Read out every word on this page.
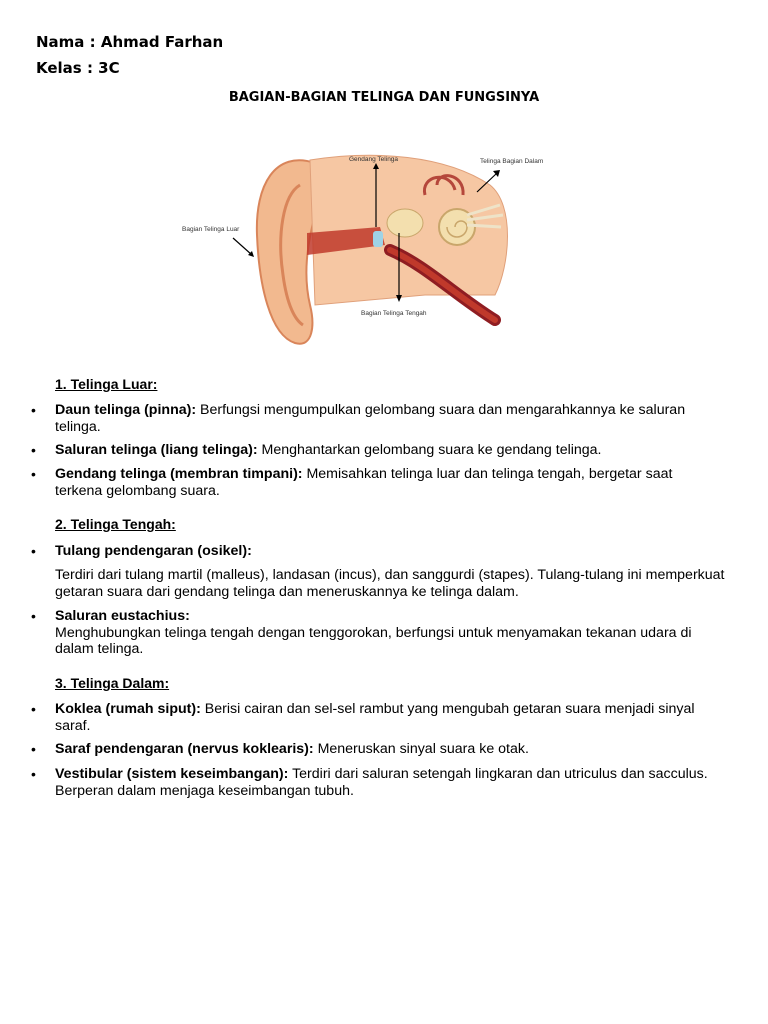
Nama : Ahmad Farhan
Kelas : 3C
BAGIAN-BAGIAN TELINGA DAN FUNGSINYA
Gendang Telinga	Telinga Bagian Dalam
Bagian Telinga Luar
Bagian Telinga Tengah
1. Telinga Luar:
• Daun telinga (pinna): Berfungsi mengumpulkan gelombang suara dan mengarahkannya ke saluran telinga.
• Saluran telinga (liang telinga): Menghantarkan gelombang suara ke gendang telinga.
• Gendang telinga (membran timpani): Memisahkan telinga luar dan telinga tengah, bergetar saat terkena gelombang suara.
2. Telinga Tengah:
• Tulang pendengaran (osikel):
Terdiri dari tulang martil (malleus), landasan (incus), dan sanggurdi (stapes). Tulang-tulang ini memperkuat getaran suara dari gendang telinga dan meneruskannya ke telinga dalam.
• Saluran eustachius:
Menghubungkan telinga tengah dengan tenggorokan, berfungsi untuk menyamakan tekanan udara di dalam telinga.
3. Telinga Dalam:
• Koklea (rumah siput): Berisi cairan dan sel-sel rambut yang mengubah getaran suara menjadi sinyal saraf.
• Saraf pendengaran (nervus koklearis): Meneruskan sinyal suara ke otak.
• Vestibular (sistem keseimbangan): Terdiri dari saluran setengah lingkaran dan utriculus dan sacculus. Berperan dalam menjaga keseimbangan tubuh.
